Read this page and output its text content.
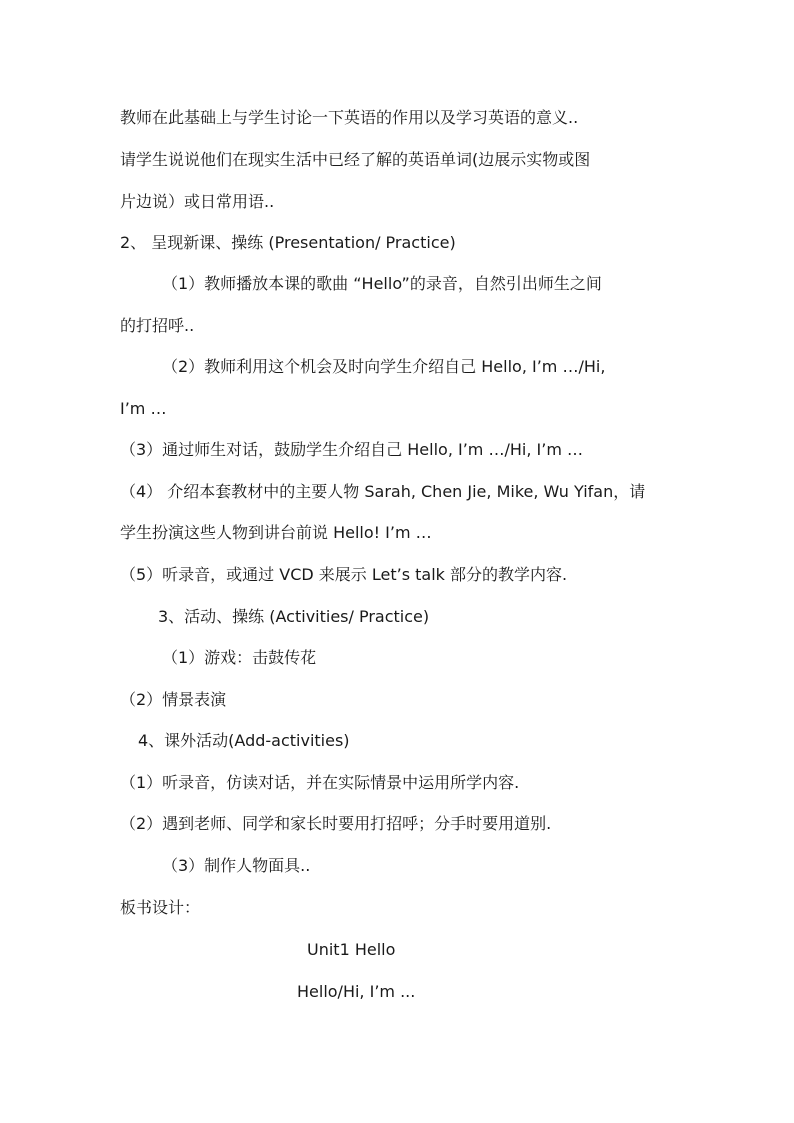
教师在此基础上与学生讨论一下英语的作用以及学习英语的意义..
请学生说说他们在现实生活中已经了解的英语单词(边展示实物或图
片边说）或日常用语..
2、 呈现新课、操练 (Presentation/ Practice)
（1）教师播放本课的歌曲 “Hello”的录音，自然引出师生之间
的打招呼..
（2）教师利用这个机会及时向学生介绍自己 Hello, I’m …/Hi,
I’m …
（3）通过师生对话，鼓励学生介绍自己 Hello, I’m …/Hi, I’m …
（4） 介绍本套教材中的主要人物 Sarah, Chen Jie, Mike, Wu Yifan，请
学生扮演这些人物到讲台前说 Hello! I’m …
（5）听录音，或通过 VCD 来展示 Let’s talk 部分的教学内容.
3、活动、操练 (Activities/ Practice)
（1）游戏：击鼓传花
（2）情景表演
4、课外活动(Add-activities)
（1）听录音，仿读对话，并在实际情景中运用所学内容.
（2）遇到老师、同学和家长时要用打招呼；分手时要用道别.
（3）制作人物面具..
板书设计：
Unit1 Hello
Hello/Hi, I’m ...
